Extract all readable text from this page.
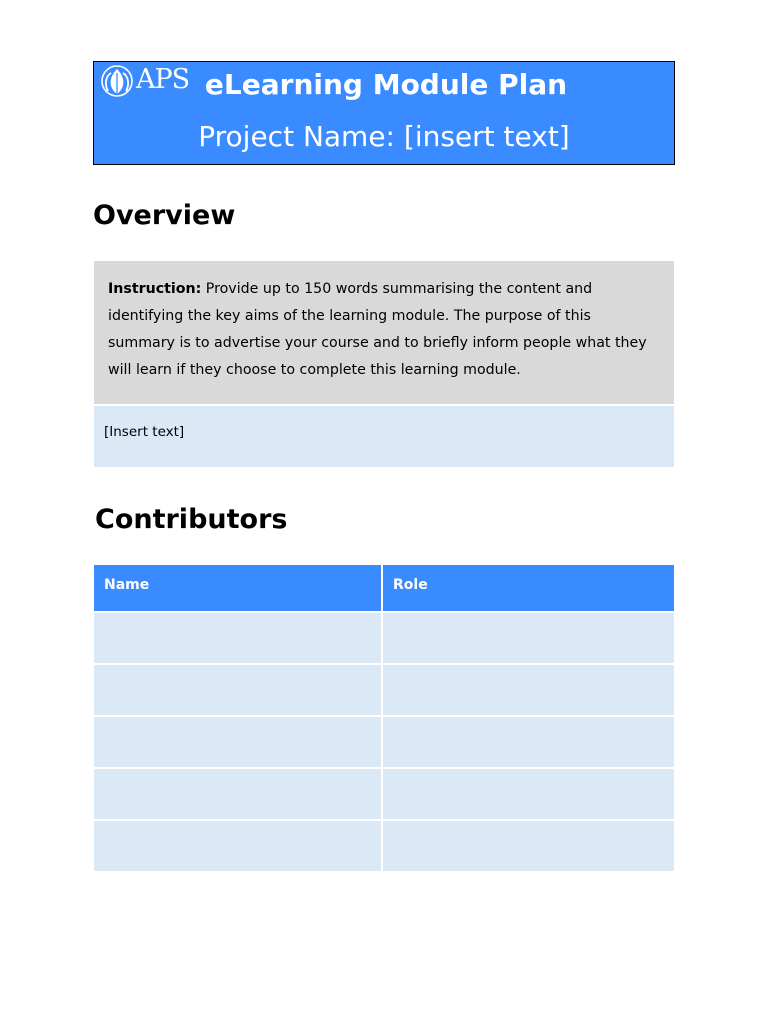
APS eLearning Module Plan
Project Name: [insert text]
Overview
Instruction: Provide up to 150 words summarising the content and identifying the key aims of the learning module. The purpose of this summary is to advertise your course and to briefly inform people what they will learn if they choose to complete this learning module.
[Insert text]
Contributors
Name	Role
